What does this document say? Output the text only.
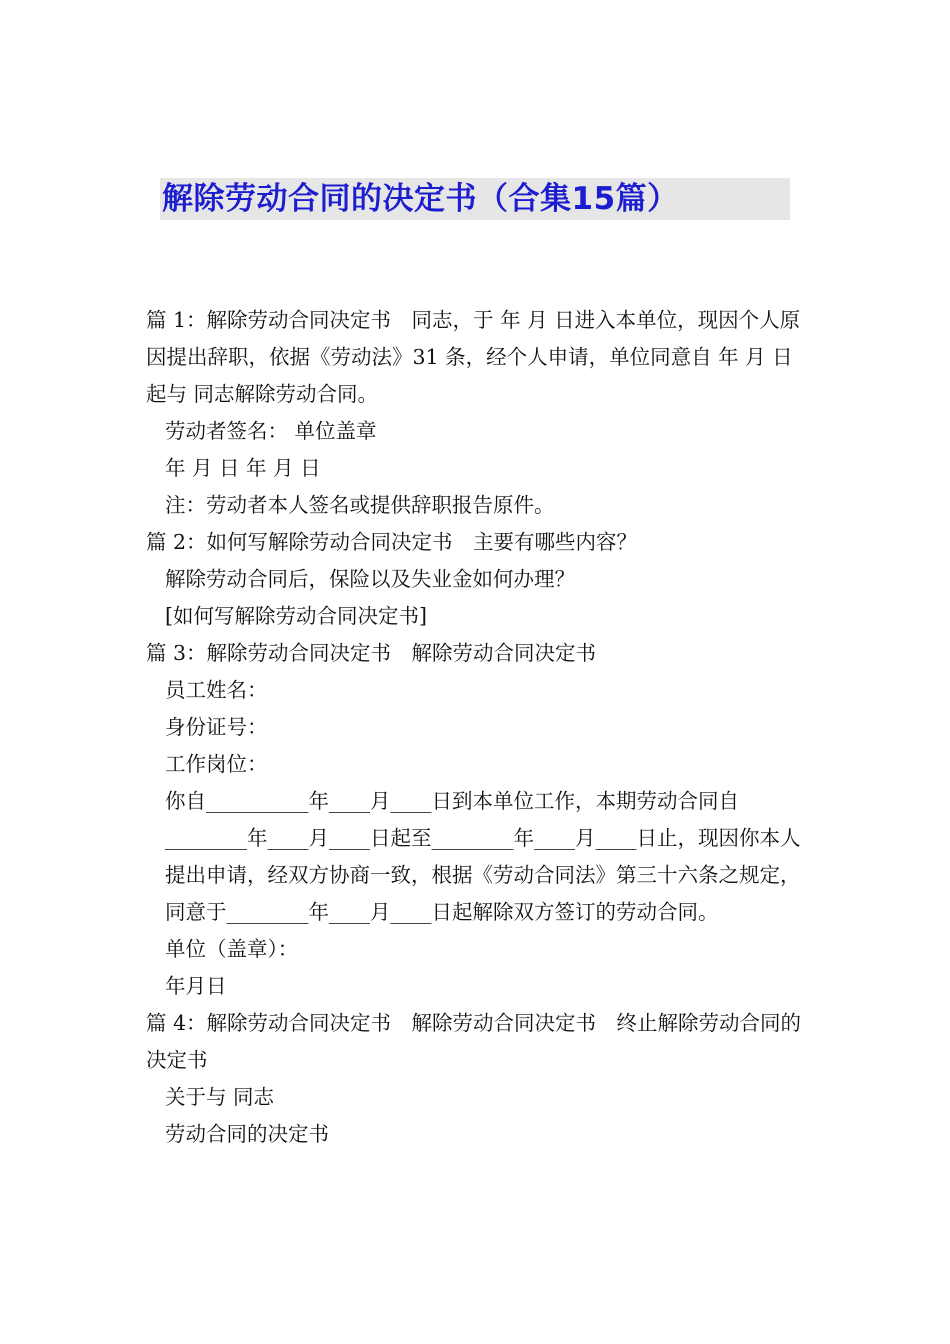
解除劳动合同的决定书（合集15篇）

篇 1：解除劳动合同决定书　同志，于 年 月 日进入本单位，现因个人原因提出辞职，依据《劳动法》31 条，经个人申请，单位同意自 年 月 日起与 同志解除劳动合同。

劳动者签名： 单位盖章

年 月 日 年 月 日

注：劳动者本人签名或提供辞职报告原件。

篇 2：如何写解除劳动合同决定书　主要有哪些内容？

解除劳动合同后，保险以及失业金如何办理？

[如何写解除劳动合同决定书]

篇 3：解除劳动合同决定书　解除劳动合同决定书

员工姓名：

身份证号：

工作岗位：

你自__________年____月____日到本单位工作，本期劳动合同自________年____月____日起至________年____月____日止，现因你本人提出申请，经双方协商一致，根据《劳动合同法》第三十六条之规定，同意于________年____月____日起解除双方签订的劳动合同。

单位（盖章）：

年月日

篇 4：解除劳动合同决定书　解除劳动合同决定书　终止解除劳动合同的决定书

关于与 同志

劳动合同的决定书
